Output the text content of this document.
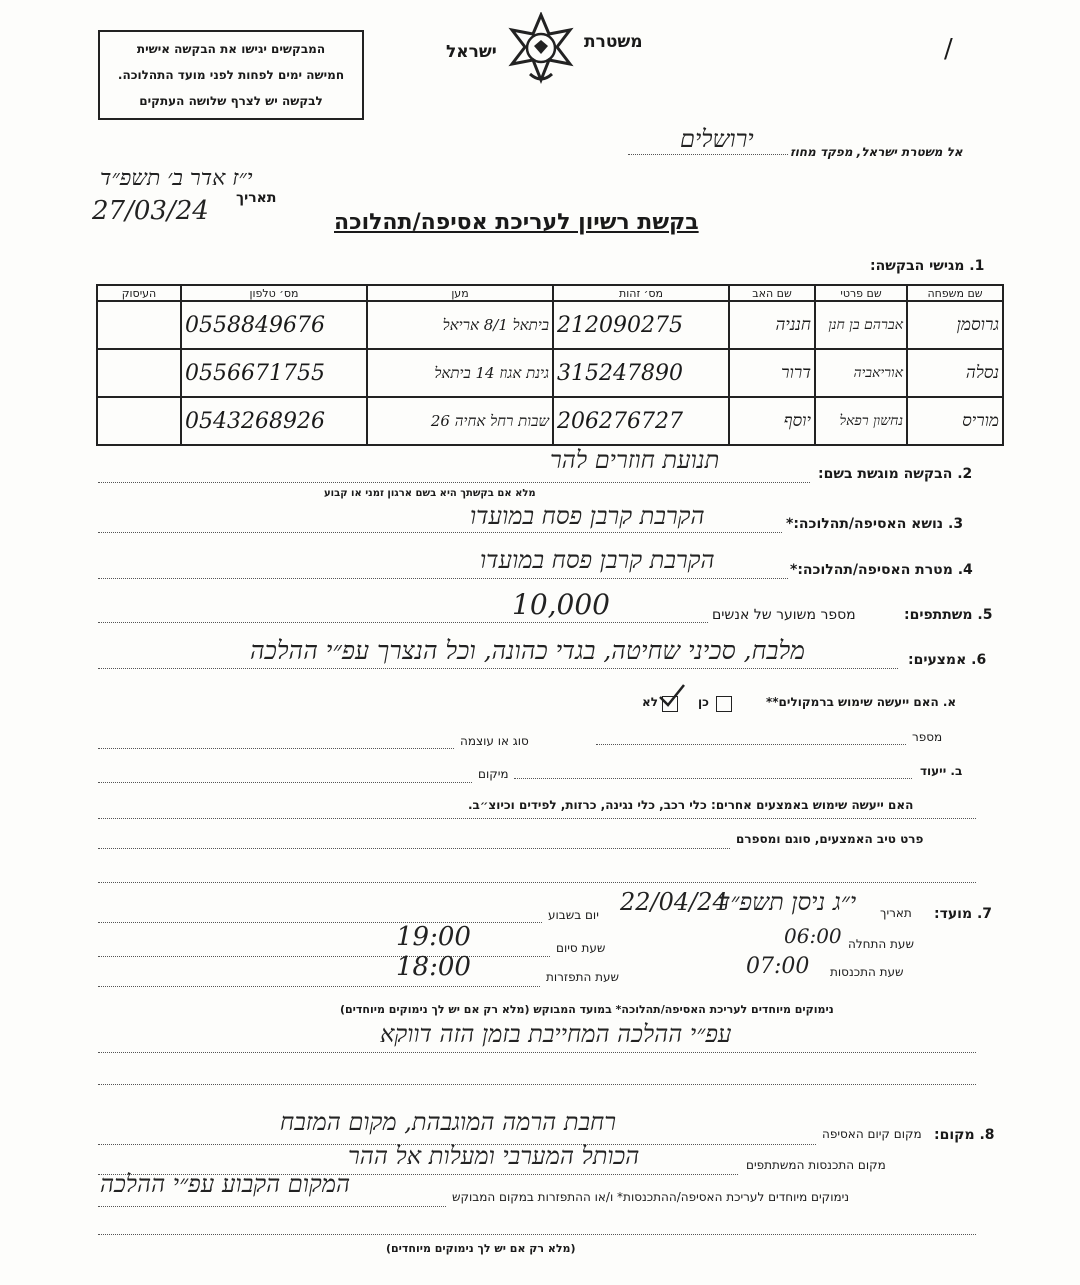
משטרת
ישראל	/
המבקשים יגישו את הבקשה אישית
חמישה ימים לפחות לפני מועד התהלוכה.
לבקשה יש לצרף שלושה העתקים
אל משטרת ישראל, מפקד מחוז
ירושלים
תאריך
י״ז אדר ב׳ תשפ״ד
27/03/24	בקשת רשיון לעריכת אסיפה/תהלוכה
1. מגישי הבקשה:
שם משפחה	שם פרטי	שם האב	מס׳ זהות	מען	מס׳ טלפון	העיסוק
גרוסמן	אברהם בן חנן	חנניה	212090275	ביתאל 8/1 אריאל	0558849676	
נסלה	אוריאביה	דרור	315247890	גינת אגוז 14 ביתאל	0556671755	
מוריס	נחשון רפאל	יוסף	206276727	שבות רחל אחיה 26	0543268926	
2. הבקשה מוגשת בשם:
תנועת חוזרים להר
מלא אם בקשתך היא בשם ארגון זמני או קבוע
3. נושא האסיפה/תהלוכה:*
הקרבת קרבן פסח במועדו
4. מטרת האסיפה/תהלוכה:*
הקרבת קרבן פסח במועדו
5. משתתפים:
מספר משוער של אנשים
10,000
6. אמצעים:
מלבח, סכיני שחיטה, בגדי כהונה, וכל הנצרך עפ״י ההלכה
א. האם ייעשה שימוש ברמקולים**
כן
לא
מספר
סוג או עוצמה
ב. ייעוד
מיקום
האם ייעשה שימוש באמצעים אחרים: כלי רכב, כלי נגינה, כרזות, לפידים וכיוצ״ב.
פרט טיב האמצעים, סוגם ומספרם
7. מועד:
תאריך
י״ג ניסן תשפ״ד
22/04/24
יום בשבוע
שעת התחלה
06:00
שעת סיום
19:00
שעת התכנסות
07:00
שעת התפזרות
18:00
נימוקים מיוחדים לעריכת האסיפה/תהלוכה* במועד המבוקש (מלא רק אם יש לך נימוקים מיוחדים)
עפ״י ההלכה המחייבת בזמן הזה דווקא
8. מקום:
מקום קיום האסיפה
רחבת הרמה המוגבהת, מקום המזבח
מקום התכנסות המשתתפים
הכותל המערבי ומעלות אל ההר
נימוקים מיוחדים לעריכת האסיפה/ההתכנסות* ו/או ההתפזרות במקום המבוקש
המקום הקבוע עפ״י ההלכה
(מלא רק אם יש לך נימוקים מיוחדים)
